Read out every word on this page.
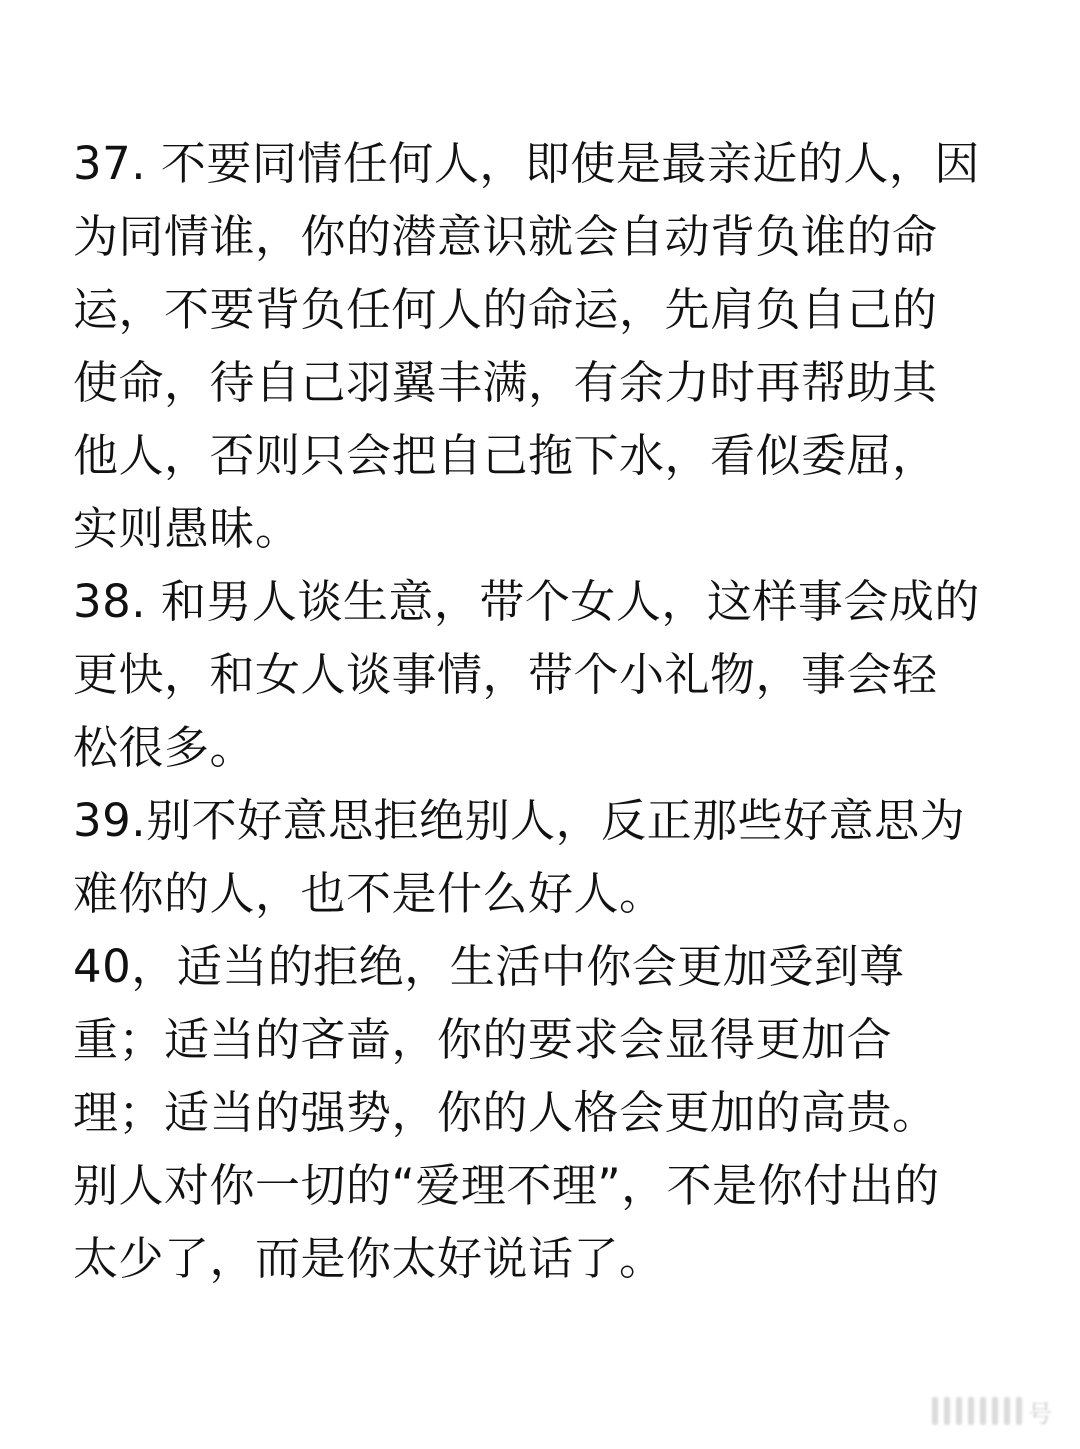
37. 不要同情任何人，即使是最亲近的人，因
为同情谁，你的潜意识就会自动背负谁的命
运，不要背负任何人的命运，先肩负自己的
使命，待自己羽翼丰满，有余力时再帮助其
他人，否则只会把自己拖下水，看似委屈，
实则愚昧。
38. 和男人谈生意，带个女人，这样事会成的
更快，和女人谈事情，带个小礼物，事会轻
松很多。
39.别不好意思拒绝别人，反正那些好意思为
难你的人，也不是什么好人。
40，适当的拒绝，生活中你会更加受到尊
重；适当的吝啬，你的要求会显得更加合
理；适当的强势，你的人格会更加的高贵。
别人对你一切的“爱理不理”，不是你付出的
太少了，而是你太好说话了。
号
